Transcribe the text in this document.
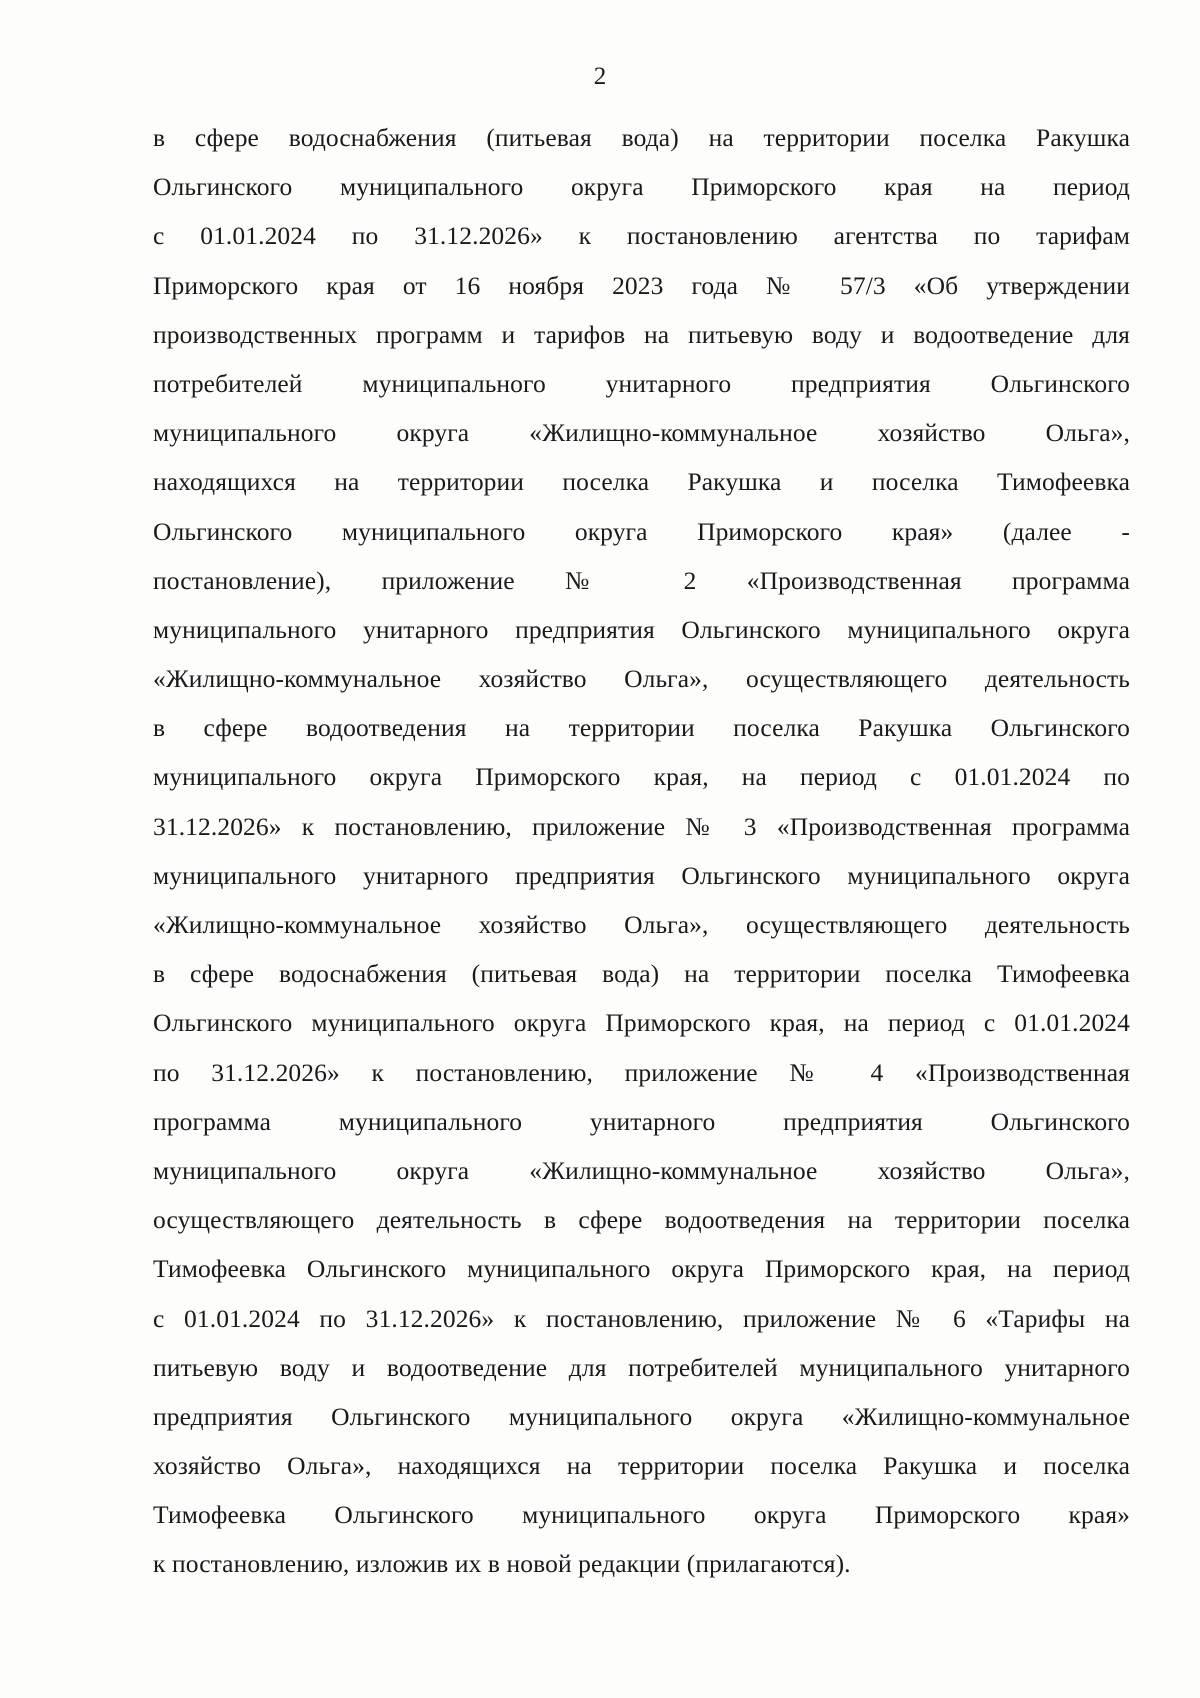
2
в сфере водоснабжения (питьевая вода) на территории поселка Ракушка
Ольгинского муниципального округа Приморского края на период
с 01.01.2024 по 31.12.2026» к постановлению агентства по тарифам
Приморского края от 16 ноября 2023 года № 57/3 «Об утверждении
производственных программ и тарифов на питьевую воду и водоотведение для
потребителей муниципального унитарного предприятия Ольгинского
муниципального округа «Жилищно-коммунальное хозяйство Ольга»,
находящихся на территории поселка Ракушка и поселка Тимофеевка
Ольгинского муниципального округа Приморского края» (далее -
постановление), приложение № 2 «Производственная программа
муниципального унитарного предприятия Ольгинского муниципального округа
«Жилищно-коммунальное хозяйство Ольга», осуществляющего деятельность
в сфере водоотведения на территории поселка Ракушка Ольгинского
муниципального округа Приморского края, на период с 01.01.2024 по
31.12.2026» к постановлению, приложение № 3 «Производственная программа
муниципального унитарного предприятия Ольгинского муниципального округа
«Жилищно-коммунальное хозяйство Ольга», осуществляющего деятельность
в сфере водоснабжения (питьевая вода) на территории поселка Тимофеевка
Ольгинского муниципального округа Приморского края, на период с 01.01.2024
по 31.12.2026» к постановлению, приложение № 4 «Производственная
программа муниципального унитарного предприятия Ольгинского
муниципального округа «Жилищно-коммунальное хозяйство Ольга»,
осуществляющего деятельность в сфере водоотведения на территории поселка
Тимофеевка Ольгинского муниципального округа Приморского края, на период
с 01.01.2024 по 31.12.2026» к постановлению, приложение № 6 «Тарифы на
питьевую воду и водоотведение для потребителей муниципального унитарного
предприятия Ольгинского муниципального округа «Жилищно-коммунальное
хозяйство Ольга», находящихся на территории поселка Ракушка и поселка
Тимофеевка Ольгинского муниципального округа Приморского края»
к постановлению, изложив их в новой редакции (прилагаются).
